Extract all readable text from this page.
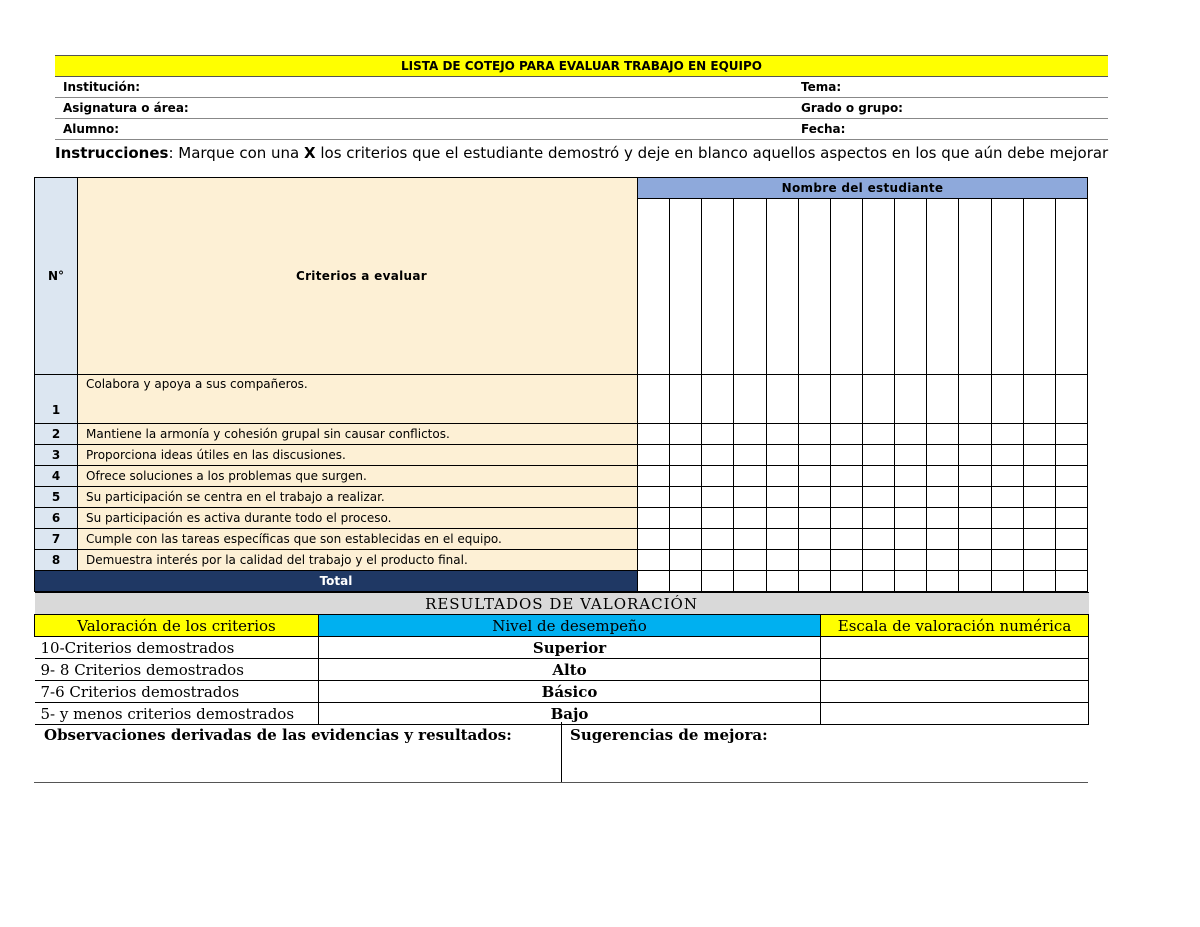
LISTA DE COTEJO PARA EVALUAR TRABAJO EN EQUIPO
Institución:	Tema:
Asignatura o área:	Grado o grupo:
Alumno:	Fecha:
Instrucciones: Marque con una X los criterios que el estudiante demostró y deje en blanco aquellos aspectos en los que aún debe mejorar
N°	Criterios a evaluar	Nombre del estudiante													

1	Colabora y apoya a sus compañeros.														
2	Mantiene la armonía y cohesión grupal sin causar conflictos.														
3	Proporciona ideas útiles en las discusiones.														
4	Ofrece soluciones a los problemas que surgen.														
5	Su participación se centra en el trabajo a realizar.														
6	Su participación es activa durante todo el proceso.														
7	Cumple con las tareas específicas que son establecidas en el equipo.														
8	Demuestra interés por la calidad del trabajo y el producto final.														
Total															
RESULTADOS DE VALORACIÓN		
Valoración de los criterios	Nivel de desempeño	Escala de valoración numérica
10-Criterios demostrados	Superior	
9- 8 Criterios demostrados	Alto	
7-6 Criterios demostrados	Básico	
5- y menos criterios demostrados	Bajo	
Observaciones derivadas de las evidencias y resultados:	Sugerencias de mejora:
